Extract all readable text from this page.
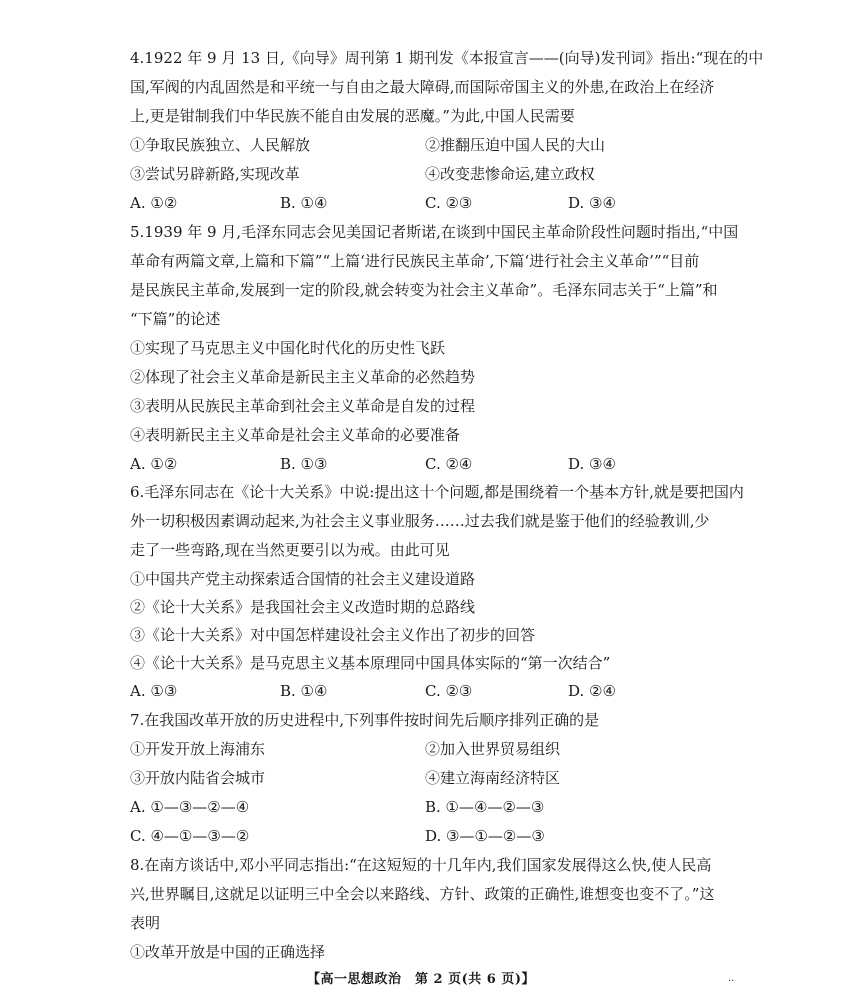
4.1922 年 9 月 13 日,《向导》周刊第 1 期刊发《本报宣言——(向导)发刊词》指出:“现在的中
国,军阀的内乱固然是和平统一与自由之最大障碍,而国际帝国主义的外患,在政治上在经济
上,更是钳制我们中华民族不能自由发展的恶魔。”为此,中国人民需要
①争取民族独立、人民解放	②推翻压迫中国人民的大山
③尝试另辟新路,实现改革	④改变悲惨命运,建立政权
A. ①②	B. ①④	C. ②③	D. ③④
5.1939 年 9 月,毛泽东同志会见美国记者斯诺,在谈到中国民主革命阶段性问题时指出,“中国
革命有两篇文章,上篇和下篇”“上篇‘进行民族民主革命’,下篇‘进行社会主义革命’”“目前
是民族民主革命,发展到一定的阶段,就会转变为社会主义革命”。毛泽东同志关于“上篇”和
“下篇”的论述
①实现了马克思主义中国化时代化的历史性飞跃
②体现了社会主义革命是新民主主义革命的必然趋势
③表明从民族民主革命到社会主义革命是自发的过程
④表明新民主主义革命是社会主义革命的必要准备
A. ①②	B. ①③	C. ②④	D. ③④
6.毛泽东同志在《论十大关系》中说:提出这十个问题,都是围绕着一个基本方针,就是要把国内
外一切积极因素调动起来,为社会主义事业服务……过去我们就是鉴于他们的经验教训,少
走了一些弯路,现在当然更要引以为戒。由此可见
①中国共产党主动探索适合国情的社会主义建设道路
②《论十大关系》是我国社会主义改造时期的总路线
③《论十大关系》对中国怎样建设社会主义作出了初步的回答
④《论十大关系》是马克思主义基本原理同中国具体实际的“第一次结合”
A. ①③	B. ①④	C. ②③	D. ②④
7.在我国改革开放的历史进程中,下列事件按时间先后顺序排列正确的是
①开发开放上海浦东	②加入世界贸易组织
③开放内陆省会城市	④建立海南经济特区
A. ①—③—②—④	B. ①—④—②—③
C. ④—①—③—②	D. ③—①—②—③
8.在南方谈话中,邓小平同志指出:“在这短短的十几年内,我们国家发展得这么快,使人民高
兴,世界瞩目,这就足以证明三中全会以来路线、方针、政策的正确性,谁想变也变不了。”这
表明
①改革开放是中国的正确选择
【高一思想政治　第 2 页(共 6 页)】	··
